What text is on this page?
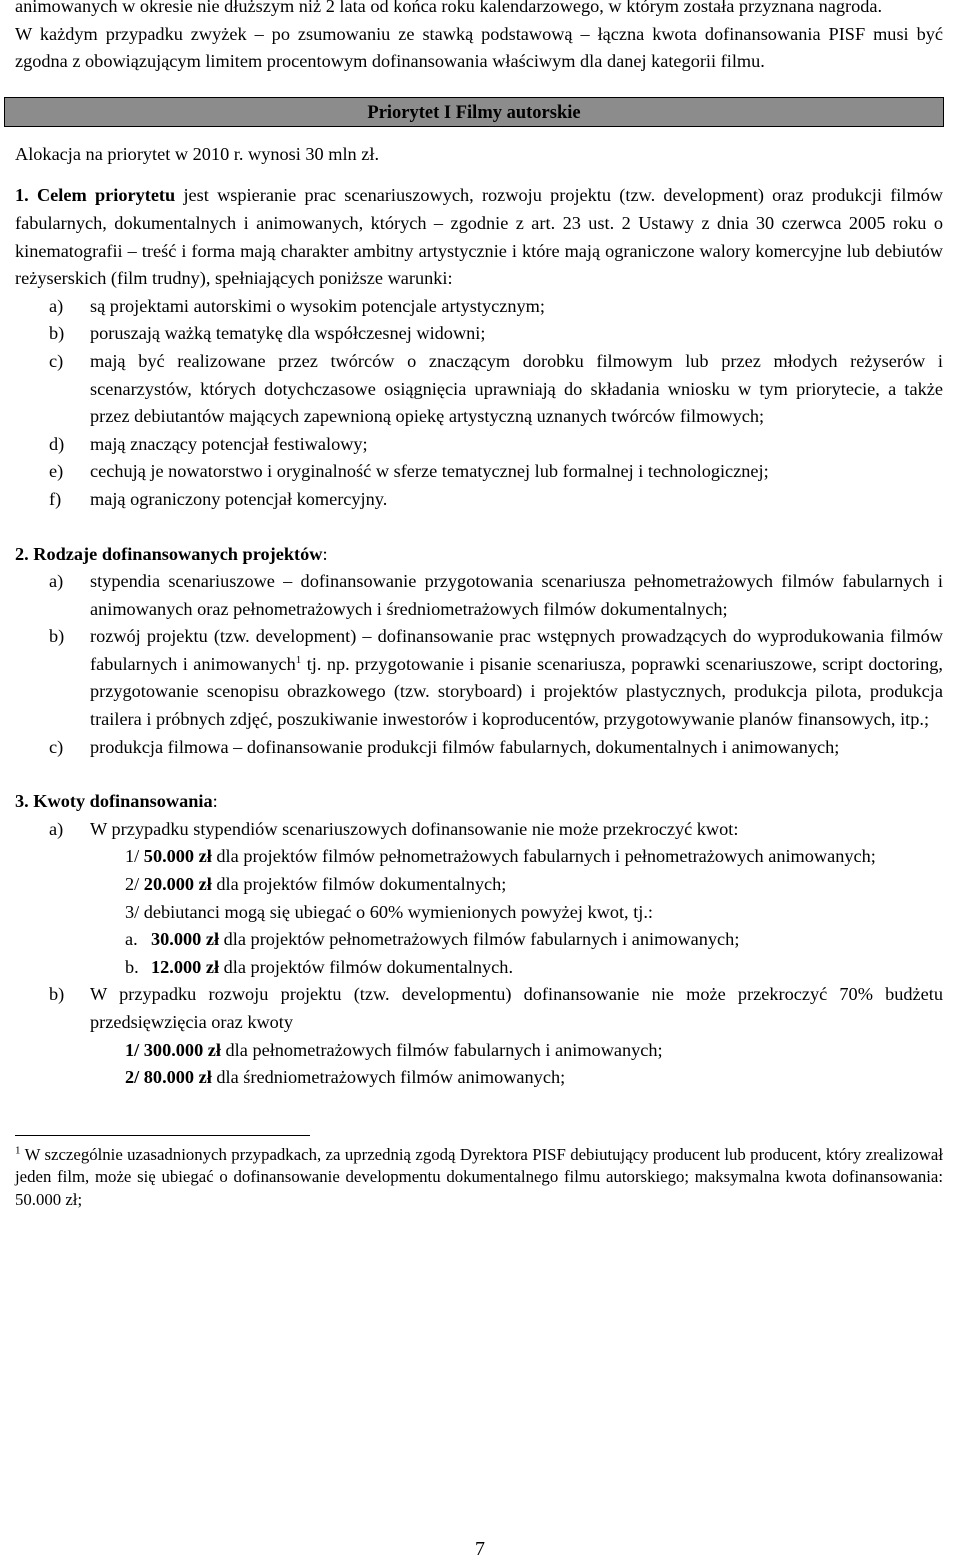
animowanych w okresie nie dłuższym niż 2 lata od końca roku kalendarzowego, w którym została przyznana nagroda.

W każdym przypadku zwyżek – po zsumowaniu ze stawką podstawową – łączna kwota dofinansowania PISF musi być zgodna z obowiązującym limitem procentowym dofinansowania właściwym dla danej kategorii filmu.

Priorytet I Filmy autorskie

Alokacja na priorytet w 2010 r. wynosi 30 mln zł.

1. Celem priorytetu jest wspieranie prac scenariuszowych, rozwoju projektu (tzw. development) oraz produkcji filmów fabularnych, dokumentalnych i animowanych, których – zgodnie z art. 23 ust. 2 Ustawy z dnia 30 czerwca 2005 roku o kinematografii – treść i forma mają charakter ambitny artystycznie i które mają ograniczone walory komercyjne lub debiutów reżyserskich (film trudny), spełniających poniższe warunki:

a)	są projektami autorskimi o wysokim potencjale artystycznym;
b)	poruszają ważką tematykę dla współczesnej widowni;
c)	mają być realizowane przez twórców o znaczącym dorobku filmowym lub przez młodych reżyserów i scenarzystów, których dotychczasowe osiągnięcia uprawniają do składania wniosku w tym priorytecie, a także przez debiutantów mających zapewnioną opiekę artystyczną uznanych twórców filmowych;
d)	mają znaczący potencjał festiwalowy;
e)	cechują je nowatorstwo i oryginalność w sferze tematycznej lub formalnej i technologicznej;
f)	mają ograniczony potencjał komercyjny.

2. Rodzaje dofinansowanych projektów:

a)	stypendia scenariuszowe – dofinansowanie przygotowania scenariusza pełnometrażowych filmów fabularnych i animowanych oraz pełnometrażowych i średniometrażowych filmów dokumentalnych;
b)	rozwój projektu (tzw. development) – dofinansowanie prac wstępnych prowadzących do wyprodukowania filmów fabularnych i animowanych$^1$ tj. np. przygotowanie i pisanie scenariusza, poprawki scenariuszowe, script doctoring, przygotowanie scenopisu obrazkowego (tzw. storyboard) i projektów plastycznych, produkcja pilota, produkcja trailera i próbnych zdjęć, poszukiwanie inwestorów i koproducentów, przygotowywanie planów finansowych, itp.;
c)	produkcja filmowa – dofinansowanie produkcji filmów fabularnych, dokumentalnych i animowanych;

3. Kwoty dofinansowania:

a)	W przypadku stypendiów scenariuszowych dofinansowanie nie może przekroczyć kwot:
1/ 50.000 zł dla projektów filmów pełnometrażowych fabularnych i pełnometrażowych animowanych;
2/ 20.000 zł dla projektów filmów dokumentalnych;
3/ debiutanci mogą się ubiegać o 60% wymienionych powyżej kwot, tj.:
a. 30.000 zł dla projektów pełnometrażowych filmów fabularnych i animowanych;
b. 12.000 zł dla projektów filmów dokumentalnych.
b)	W przypadku rozwoju projektu (tzw. developmentu) dofinansowanie nie może przekroczyć 70% budżetu przedsięwzięcia oraz kwoty
1/ 300.000 zł dla pełnometrażowych filmów fabularnych i animowanych;
2/ 80.000 zł dla średniometrażowych filmów animowanych;

$^1$ W szczególnie uzasadnionych przypadkach, za uprzednią zgodą Dyrektora PISF debiutujący producent lub producent, który zrealizował jeden film, może się ubiegać o dofinansowanie developmentu dokumentalnego filmu autorskiego; maksymalna kwota dofinansowania: 50.000 zł;

7
